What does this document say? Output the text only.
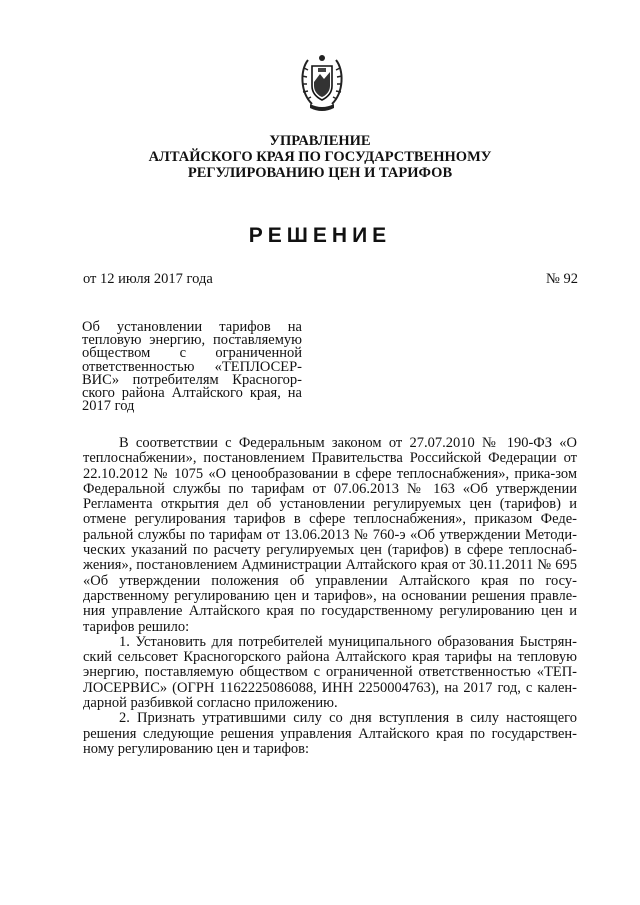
УПРАВЛЕНИЕ
АЛТАЙСКОГО КРАЯ ПО ГОСУДАРСТВЕННОМУ
РЕГУЛИРОВАНИЮ ЦЕН И ТАРИФОВ
РЕШЕНИЕ
от 12 июля 2017 года	№ 92
Об установлении тарифов на тепловую энергию, поставляемую обществом с ограниченной ответственностью «ТЕПЛОСЕР-ВИС» потребителям Красногор-ского района Алтайского края, на 2017 год

В соответствии с Федеральным законом от 27.07.2010 № 190-ФЗ «О теплоснабжении», постановлением Правительства Российской Федерации от 22.10.2012 № 1075 «О ценообразовании в сфере теплоснабжения», прика-зом Федеральной службы по тарифам от 07.06.2013 № 163 «Об утверждении Регламента открытия дел об установлении регулируемых цен (тарифов) и отмене регулирования тарифов в сфере теплоснабжения», приказом Феде-ральной службы по тарифам от 13.06.2013 № 760-э «Об утверждении Методи-ческих указаний по расчету регулируемых цен (тарифов) в сфере теплоснаб-жения», постановлением Администрации Алтайского края от 30.11.2011 № 695 «Об утверждении положения об управлении Алтайского края по госу-дарственному регулированию цен и тарифов», на основании решения правле-ния управление Алтайского края по государственному регулированию цен и тарифов решило:

1. Установить для потребителей муниципального образования Быстрян-ский сельсовет Красногорского района Алтайского края тарифы на тепловую энергию, поставляемую обществом с ограниченной ответственностью «ТЕП-ЛОСЕРВИС» (ОГРН 1162225086088, ИНН 2250004763), на 2017 год, с кален-дарной разбивкой согласно приложению.

2. Признать утратившими силу со дня вступления в силу настоящего решения следующие решения управления Алтайского края по государствен-ному регулированию цен и тарифов:
